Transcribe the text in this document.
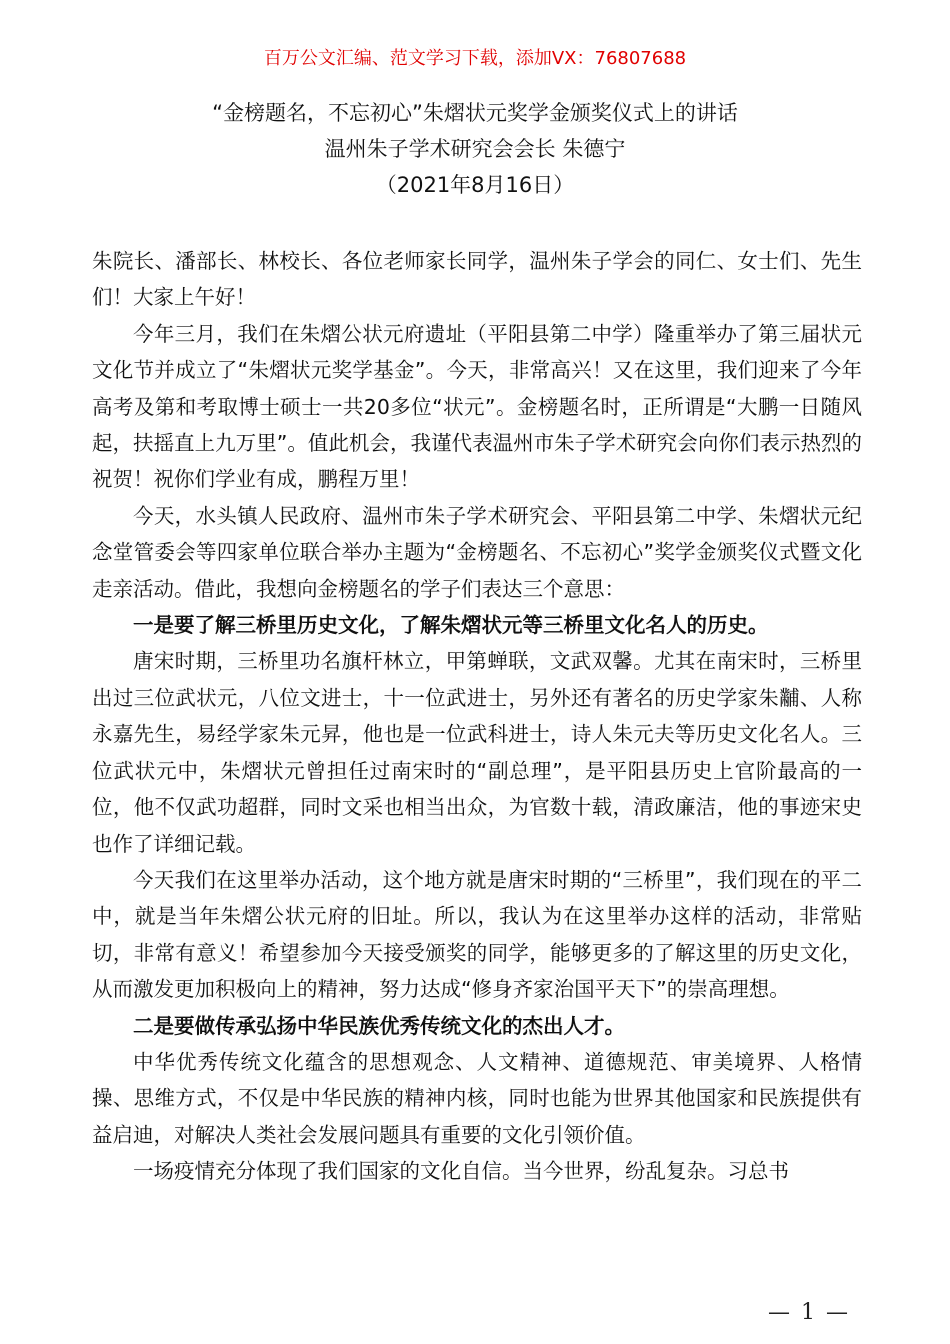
百万公文汇编、范文学习下载，添加VX：76807688
“金榜题名，不忘初心”朱熠状元奖学金颁奖仪式上的讲话
温州朱子学术研究会会长 朱德宁
（2021年8月16日）

朱院长、潘部长、林校长、各位老师家长同学，温州朱子学会的同仁、女士们、先生们！大家上午好！

今年三月，我们在朱熠公状元府遗址（平阳县第二中学）隆重举办了第三届状元文化节并成立了“朱熠状元奖学基金”。今天，非常高兴！又在这里，我们迎来了今年高考及第和考取博士硕士一共20多位“状元”。金榜题名时，正所谓是“大鹏一日随风起，扶摇直上九万里”。值此机会，我谨代表温州市朱子学术研究会向你们表示热烈的祝贺！祝你们学业有成，鹏程万里！

今天，水头镇人民政府、温州市朱子学术研究会、平阳县第二中学、朱熠状元纪念堂管委会等四家单位联合举办主题为“金榜题名、不忘初心”奖学金颁奖仪式暨文化走亲活动。借此，我想向金榜题名的学子们表达三个意思：

一是要了解三桥里历史文化，了解朱熠状元等三桥里文化名人的历史。

唐宋时期，三桥里功名旗杆林立，甲第蝉联，文武双馨。尤其在南宋时，三桥里出过三位武状元，八位文进士，十一位武进士，另外还有著名的历史学家朱黼、人称永嘉先生，易经学家朱元昇，他也是一位武科进士，诗人朱元夫等历史文化名人。三位武状元中，朱熠状元曾担任过南宋时的“副总理”，是平阳县历史上官阶最高的一位，他不仅武功超群，同时文采也相当出众，为官数十载，清政廉洁，他的事迹宋史也作了详细记载。

今天我们在这里举办活动，这个地方就是唐宋时期的“三桥里”，我们现在的平二中，就是当年朱熠公状元府的旧址。所以，我认为在这里举办这样的活动，非常贴切，非常有意义！希望参加今天接受颁奖的同学，能够更多的了解这里的历史文化，从而激发更加积极向上的精神，努力达成“修身齐家治国平天下”的崇高理想。

二是要做传承弘扬中华民族优秀传统文化的杰出人才。

中华优秀传统文化蕴含的思想观念、人文精神、道德规范、审美境界、人格情操、思维方式，不仅是中华民族的精神内核，同时也能为世界其他国家和民族提供有益启迪，对解决人类社会发展问题具有重要的文化引领价值。

一场疫情充分体现了我们国家的文化自信。当今世界，纷乱复杂。习总书

— 1 —
